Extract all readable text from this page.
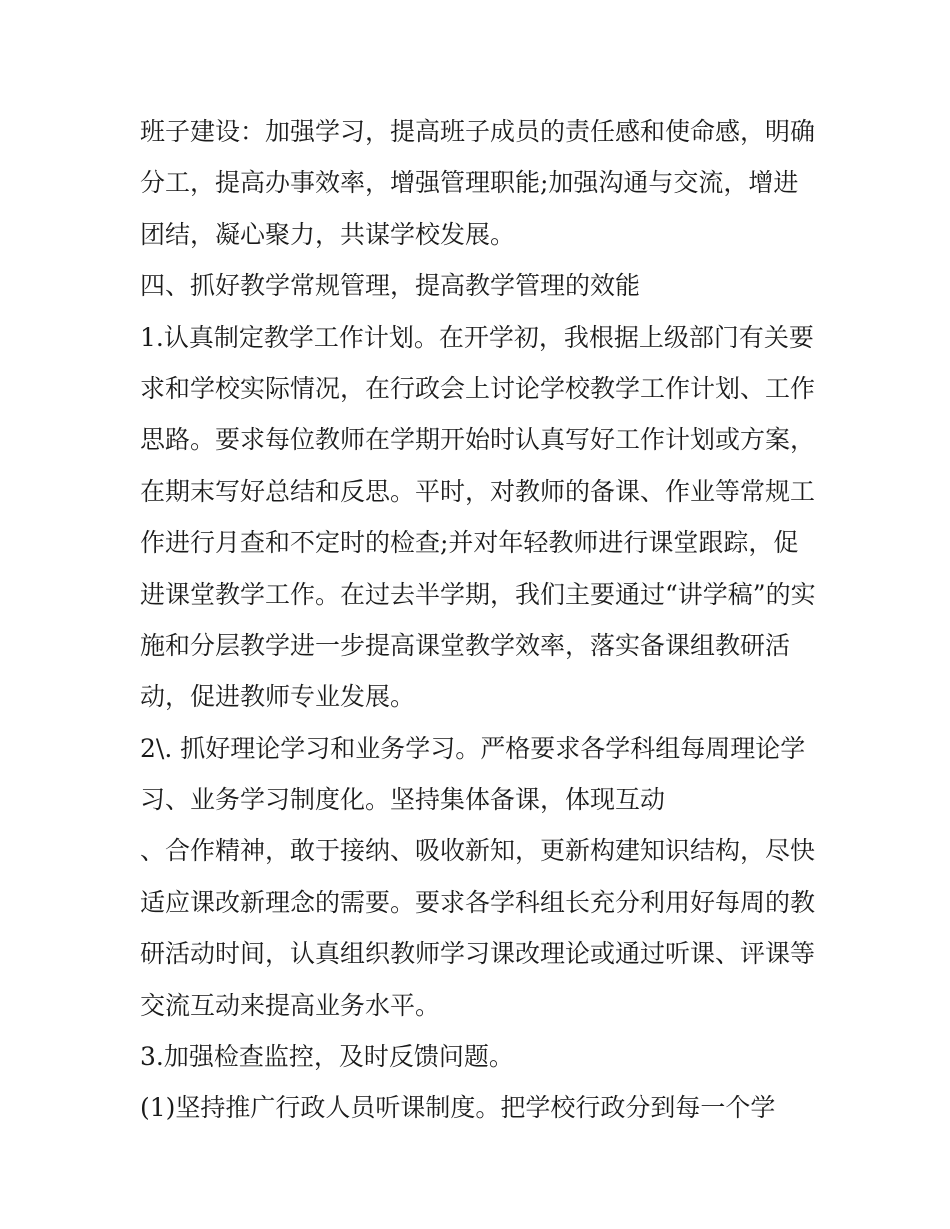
班子建设：加强学习，提高班子成员的责任感和使命感，明确
分工，提高办事效率，增强管理职能;加强沟通与交流，增进
团结，凝心聚力，共谋学校发展。
四、抓好教学常规管理，提高教学管理的效能
1.认真制定教学工作计划。在开学初，我根据上级部门有关要
求和学校实际情况，在行政会上讨论学校教学工作计划、工作
思路。要求每位教师在学期开始时认真写好工作计划或方案，
在期末写好总结和反思。平时，对教师的备课、作业等常规工
作进行月查和不定时的检查;并对年轻教师进行课堂跟踪，促
进课堂教学工作。在过去半学期，我们主要通过“讲学稿”的实
施和分层教学进一步提高课堂教学效率，落实备课组教研活
动，促进教师专业发展。
2\. 抓好理论学习和业务学习。严格要求各学科组每周理论学
习、业务学习制度化。坚持集体备课，体现互动
、合作精神，敢于接纳、吸收新知，更新构建知识结构，尽快
适应课改新理念的需要。要求各学科组长充分利用好每周的教
研活动时间，认真组织教师学习课改理论或通过听课、评课等
交流互动来提高业务水平。
3.加强检查监控，及时反馈问题。
(1)坚持推广行政人员听课制度。把学校行政分到每一个学
